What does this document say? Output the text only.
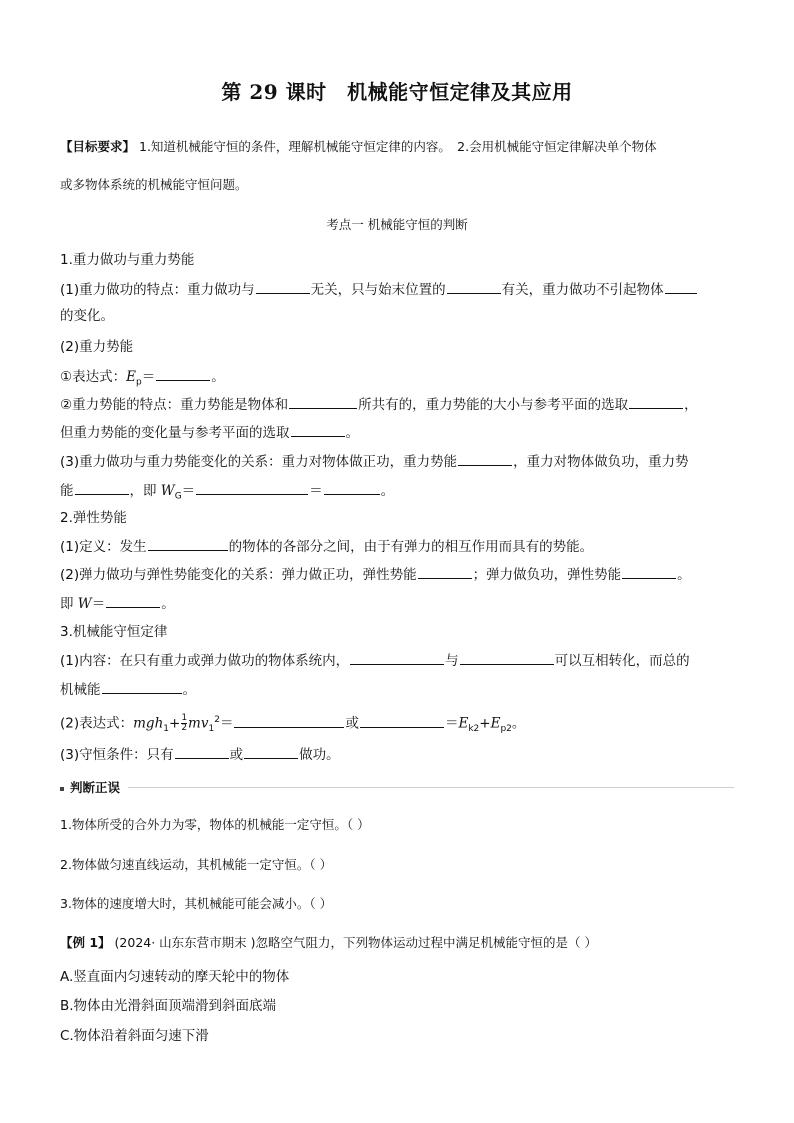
第 29 课时　机械能守恒定律及其应用
【目标要求】 1.知道机械能守恒的条件，理解机械能守恒定律的内容。　2.会用机械能守恒定律解决单个物体
或多物体系统的机械能守恒问题。
考点一 机械能守恒的判断
1.重力做功与重力势能
(1)重力做功的特点：重力做功与	无关，只与始末位置的	有关，重力做功不引起物体
的变化。
(2)重力势能
①表达式：$E_p=$	。
②重力势能的特点：重力势能是物体和	所共有的，重力势能的大小与参考平面的选取	，
但重力势能的变化量与参考平面的选取	。
(3)重力做功与重力势能变化的关系：重力对物体做正功，重力势能	，重力对物体做负功，重力势
能	，即 $W_G=$	＝	。
2.弹性势能
(1)定义：发生	的物体的各部分之间，由于有弹力的相互作用而具有的势能。
(2)弹力做功与弹性势能变化的关系：弹力做正功，弹性势能	；弹力做负功，弹性势能	。
即 W＝	。
3.机械能守恒定律
(1)内容：在只有重力或弹力做功的物体系统内，	与	可以互相转化，而总的
机械能	。
(2)表达式：$mgh_1+ \frac{1}{2} mv_1^2=$	或	$=E_{k2}+E_{p2}$。
(3)守恒条件：只有	或	做功。
判断正误
1.物体所受的合外力为零，物体的机械能一定守恒。（ ）
2.物体做匀速直线运动，其机械能一定守恒。（ ）
3.物体的速度增大时，其机械能可能会减小。（ ）
【例 1】 (2024· 山东东营市期末 )忽略空气阻力，下列物体运动过程中满足机械能守恒的是（ ）
A.竖直面内匀速转动的摩天轮中的物体
B.物体由光滑斜面顶端滑到斜面底端
C.物体沿着斜面匀速下滑
